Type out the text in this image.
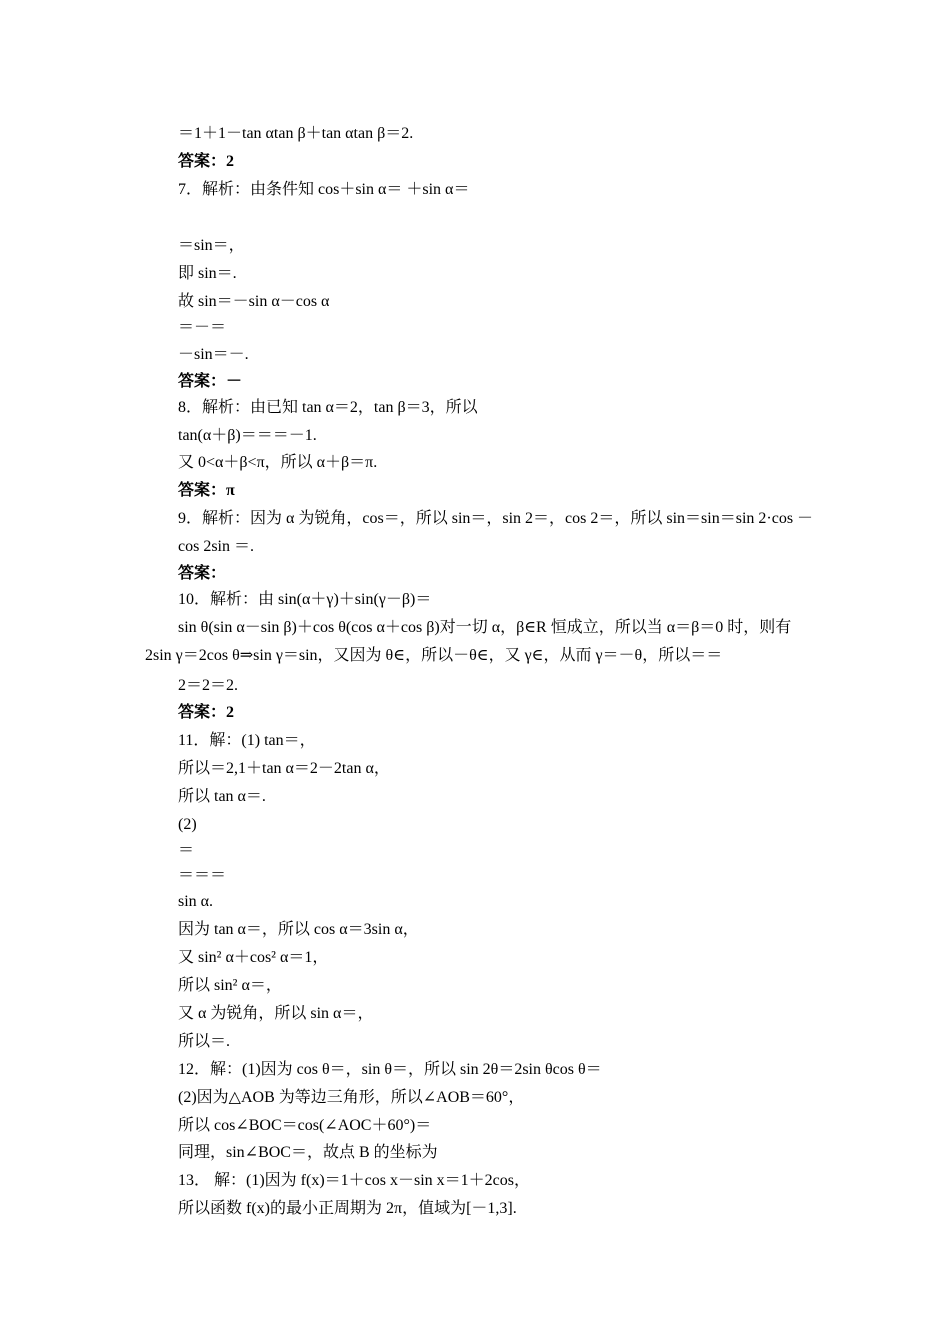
＝1＋1－tan αtan β＋tan αtan β＝2.
答案：2
7．解析：由条件知 cos＋sin α＝ ＋sin α＝
＝sin＝，
即 sin＝.
故 sin＝－sin α－cos α
＝－＝
－sin＝－.
答案：－
8．解析：由已知 tan α＝2，tan β＝3，所以
tan(α＋β)＝＝＝－1.
又 0<α＋β<π，所以 α＋β＝π.
答案：π
9．解析：因为 α 为锐角，cos＝，所以 sin＝，sin 2＝，cos 2＝，所以 sin＝sin＝sin 2·cos －
cos 2sin ＝.
答案：
10．解析：由 sin(α＋γ)＋sin(γ－β)＝
sin θ(sin α－sin β)＋cos θ(cos α＋cos β)对一切 α，β∈R 恒成立，所以当 α＝β＝0 时，则有
2sin γ＝2cos θ⇒sin γ＝sin，又因为 θ∈，所以－θ∈，又 γ∈，从而 γ＝－θ，所以＝＝
2＝2＝2.
答案：2
11．解：(1) tan＝，
所以＝2,1＋tan α＝2－2tan α，
所以 tan α＝.
(2)
＝
＝＝＝
sin α.
因为 tan α＝，所以 cos α＝3sin α，
又 sin² α＋cos² α＝1，
所以 sin² α＝，
又 α 为锐角，所以 sin α＝，
所以＝.
12．解：(1)因为 cos θ＝，sin θ＝，所以 sin 2θ＝2sin θcos θ＝
(2)因为△AOB 为等边三角形，所以∠AOB＝60°，
所以 cos∠BOC＝cos(∠AOC＋60°)＝
同理，sin∠BOC＝，故点 B 的坐标为
13． 解：(1)因为 f(x)＝1＋cos x－sin x＝1＋2cos，
所以函数 f(x)的最小正周期为 2π，值域为[－1,3].
